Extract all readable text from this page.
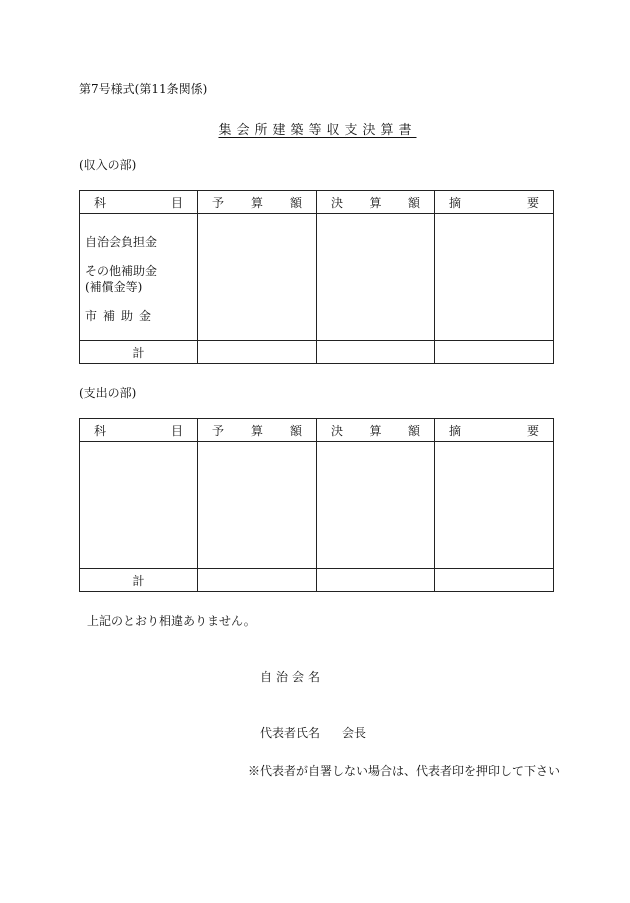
第7号様式(第11条関係)
集会所建築等収支決算書
(収入の部)
科 目	予 算 額	決 算 額	摘 要

自治会負担金
その他補助金
(補償金等)
市補助金			

計			
(支出の部)
科 目	予 算 額	決 算 額	摘 要

計			
上記のとおり相違ありません。
自治会名
代表者氏名 会長
※代表者が自署しない場合は、代表者印を押印して下さい
